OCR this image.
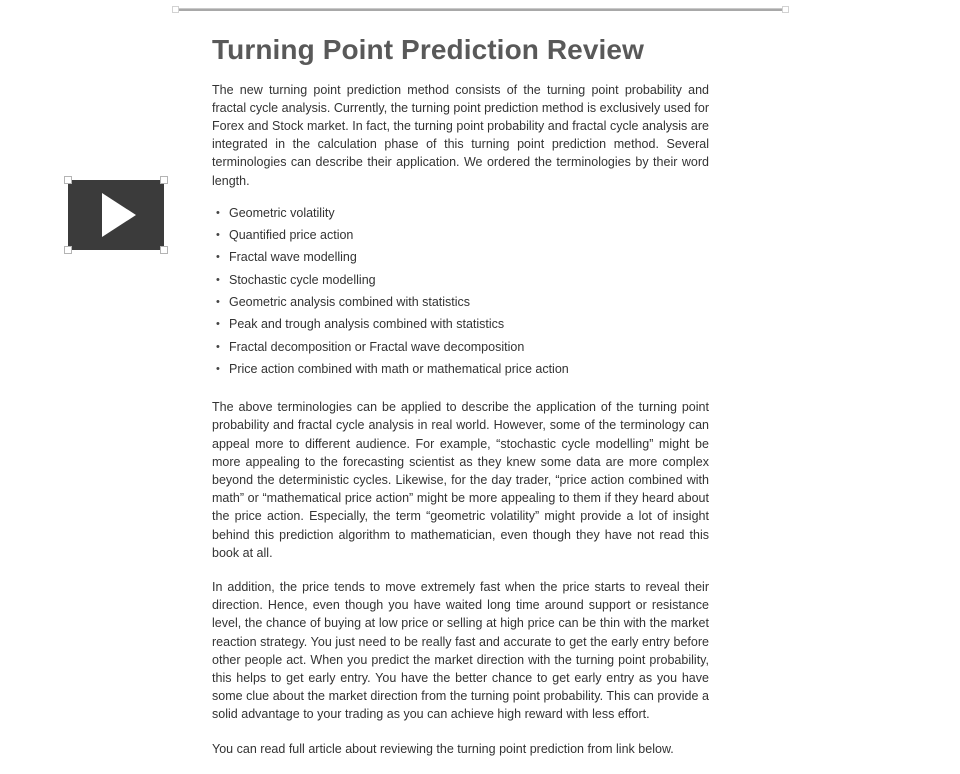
Turning Point Prediction Review

The new turning point prediction method consists of the turning point probability and fractal cycle analysis. Currently, the turning point prediction method is exclusively used for Forex and Stock market. In fact, the turning point probability and fractal cycle analysis are integrated in the calculation phase of this turning point prediction method. Several terminologies can describe their application. We ordered the terminologies by their word length.

• Geometric volatility
• Quantified price action
• Fractal wave modelling
• Stochastic cycle modelling
• Geometric analysis combined with statistics
• Peak and trough analysis combined with statistics
• Fractal decomposition or Fractal wave decomposition
• Price action combined with math or mathematical price action

The above terminologies can be applied to describe the application of the turning point probability and fractal cycle analysis in real world. However, some of the terminology can appeal more to different audience. For example, “stochastic cycle modelling” might be more appealing to the forecasting scientist as they knew some data are more complex beyond the deterministic cycles. Likewise, for the day trader, “price action combined with math” or “mathematical price action” might be more appealing to them if they heard about the price action. Especially, the term “geometric volatility” might provide a lot of insight behind this prediction algorithm to mathematician, even though they have not read this book at all.

In addition, the price tends to move extremely fast when the price starts to reveal their direction. Hence, even though you have waited long time around support or resistance level, the chance of buying at low price or selling at high price can be thin with the market reaction strategy. You just need to be really fast and accurate to get the early entry before other people act. When you predict the market direction with the turning point probability, this helps to get early entry. You have the better chance to get early entry as you have some clue about the market direction from the turning point probability. This can provide a solid advantage to your trading as you can achieve high reward with less effort.

You can read full article about reviewing the turning point prediction from link below.
